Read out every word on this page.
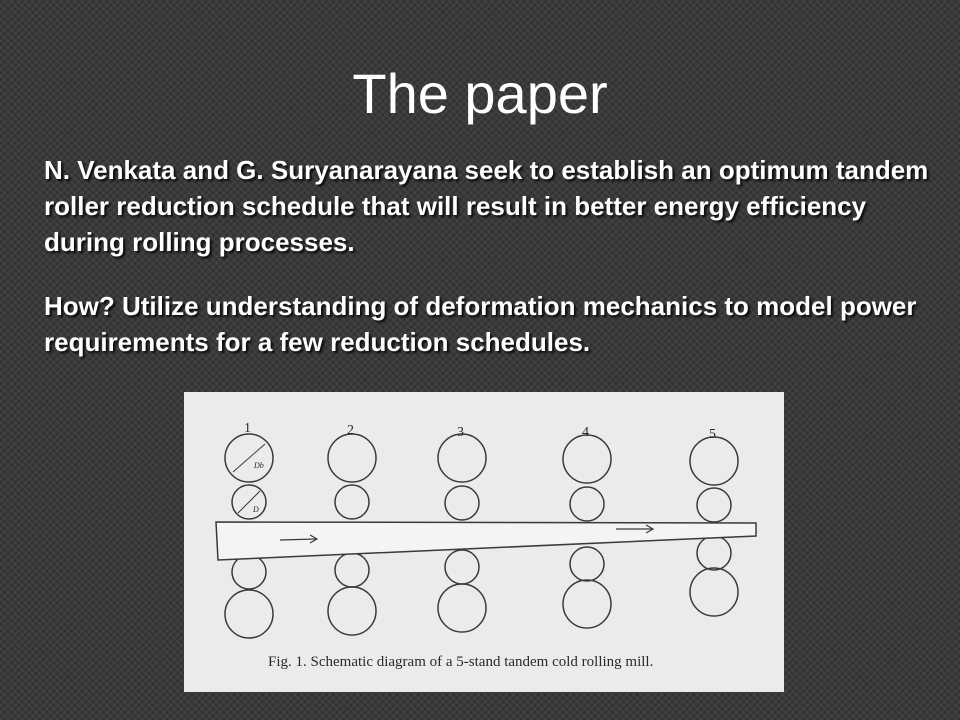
The paper

N. Venkata and G. Suryanarayana seek to establish an optimum tandem roller reduction schedule that will result in better energy efficiency during rolling processes.

How? Utilize understanding of deformation mechanics to model power requirements for a few reduction schedules.

1	2	3	4	5
Db
D
Fig. 1. Schematic diagram of a 5-stand tandem cold rolling mill.
